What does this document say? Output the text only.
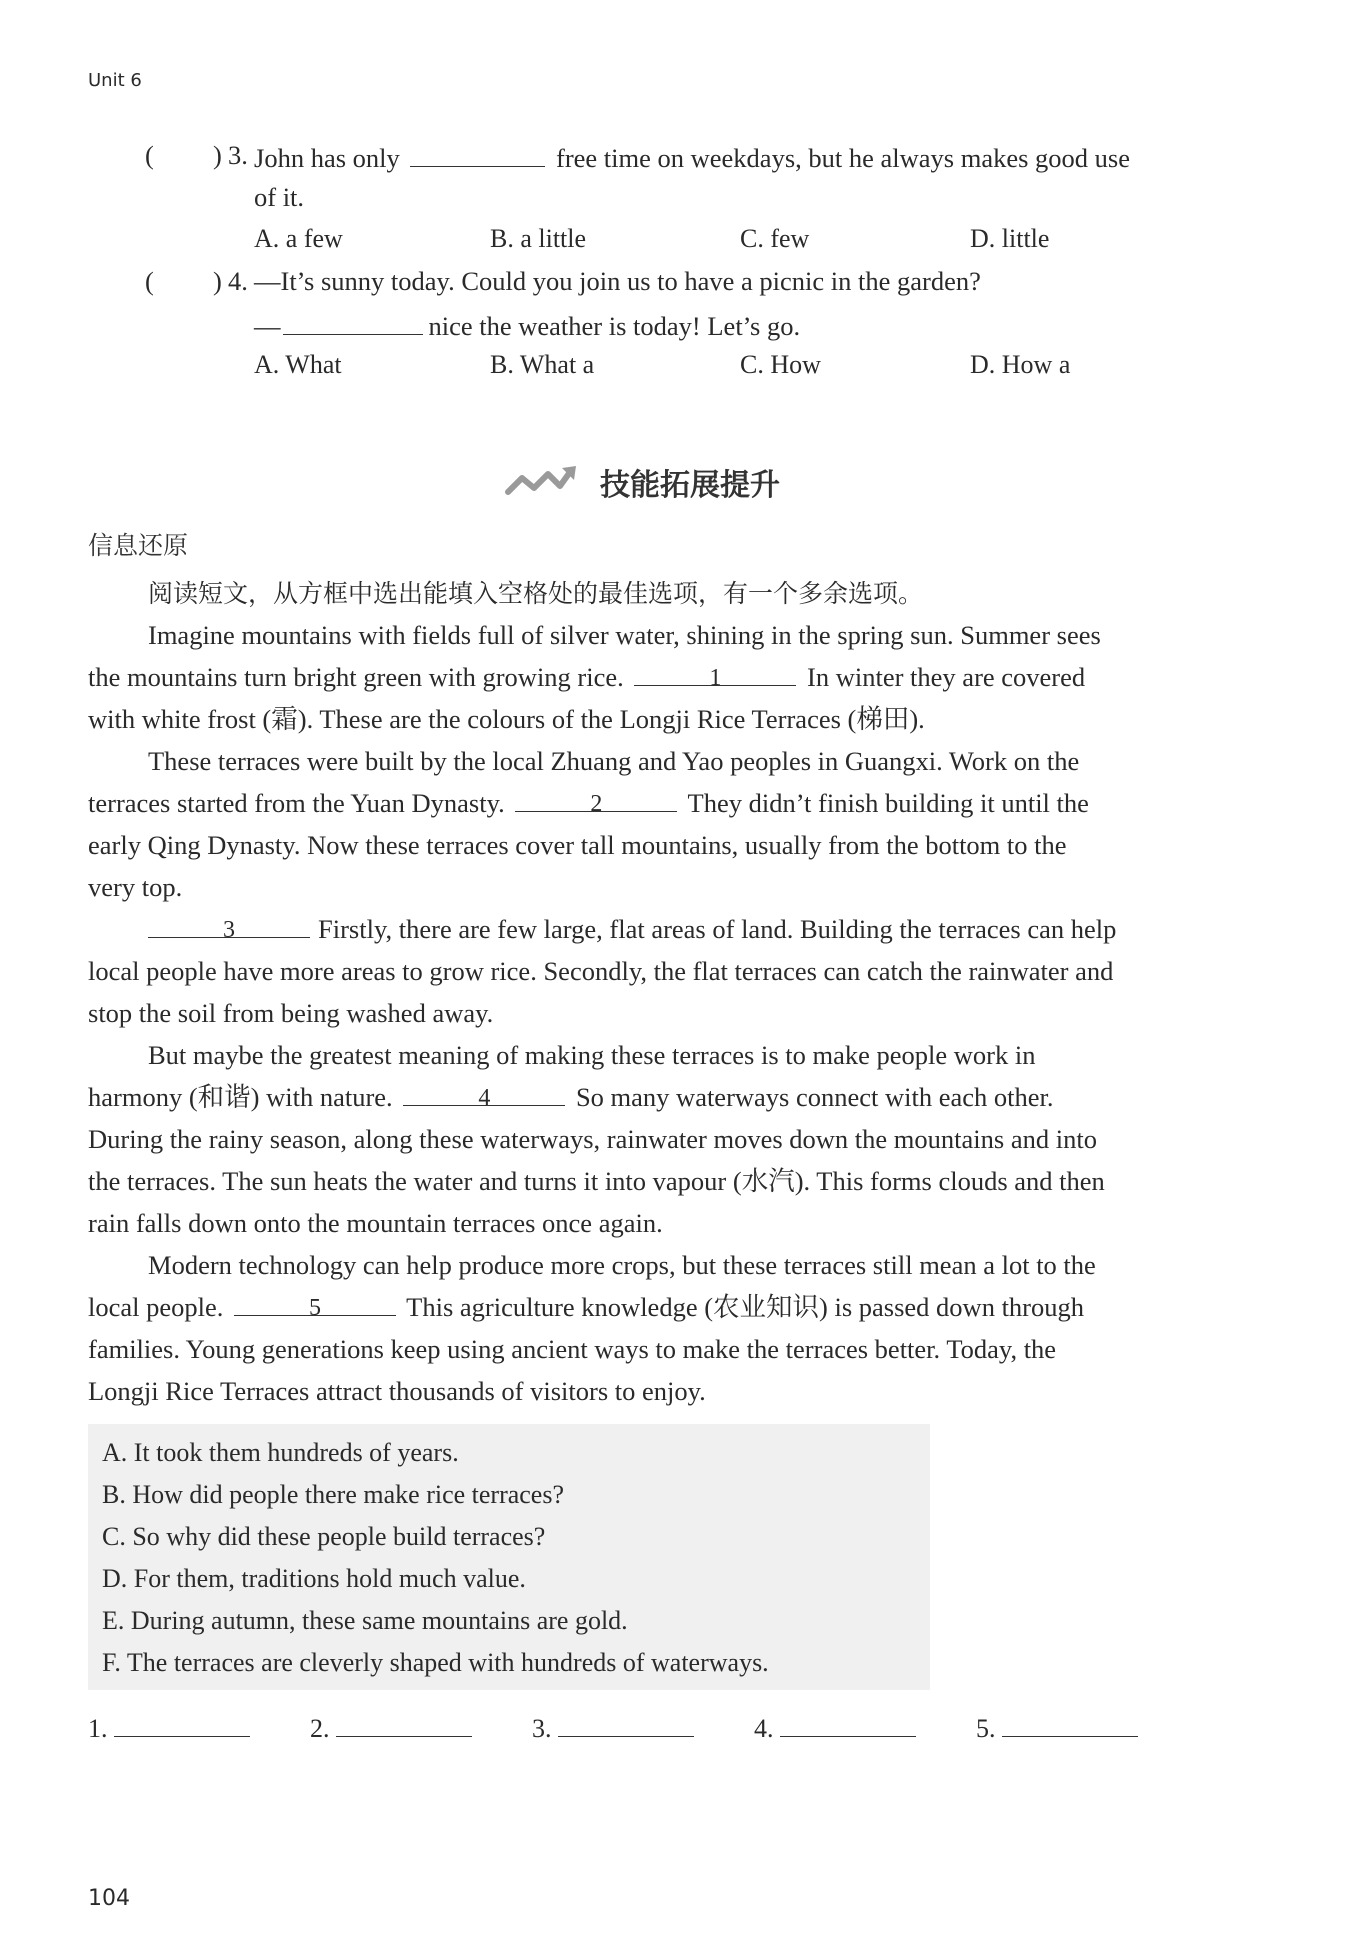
Unit 6
( ) 3. John has only	free time on weekdays, but he always makes good use
of it.
A. a few	B. a little	C. few	D. little
( ) 4. —It’s sunny today. Could you join us to have a picnic in the garden?
—	nice the weather is today! Let’s go.
A. What	B. What a	C. How	D. How a
技能拓展提升
信息还原
阅读短文，从方框中选出能填入空格处的最佳选项，有一个多余选项。
Imagine mountains with fields full of silver water, shining in the spring sun. Summer sees
the mountains turn bright green with growing rice.	1	In winter they are covered
with white frost (霜). These are the colours of the Longji Rice Terraces (梯田).
These terraces were built by the local Zhuang and Yao peoples in Guangxi. Work on the
terraces started from the Yuan Dynasty.	2	They didn’t finish building it until the
early Qing Dynasty. Now these terraces cover tall mountains, usually from the bottom to the
very top.
3	Firstly, there are few large, flat areas of land. Building the terraces can help
local people have more areas to grow rice. Secondly, the flat terraces can catch the rainwater and
stop the soil from being washed away.
But maybe the greatest meaning of making these terraces is to make people work in
harmony (和谐) with nature.	4	So many waterways connect with each other.
During the rainy season, along these waterways, rainwater moves down the mountains and into
the terraces. The sun heats the water and turns it into vapour (水汽). This forms clouds and then
rain falls down onto the mountain terraces once again.
Modern technology can help produce more crops, but these terraces still mean a lot to the
local people.	5	This agriculture knowledge (农业知识) is passed down through
families. Young generations keep using ancient ways to make the terraces better. Today, the
Longji Rice Terraces attract thousands of visitors to enjoy.
A. It took them hundreds of years.
B. How did people there make rice terraces?
C. So why did these people build terraces?
D. For them, traditions hold much value.
E. During autumn, these same mountains are gold.
F. The terraces are cleverly shaped with hundreds of waterways.
1.	2.	3.	4.	5.
104
